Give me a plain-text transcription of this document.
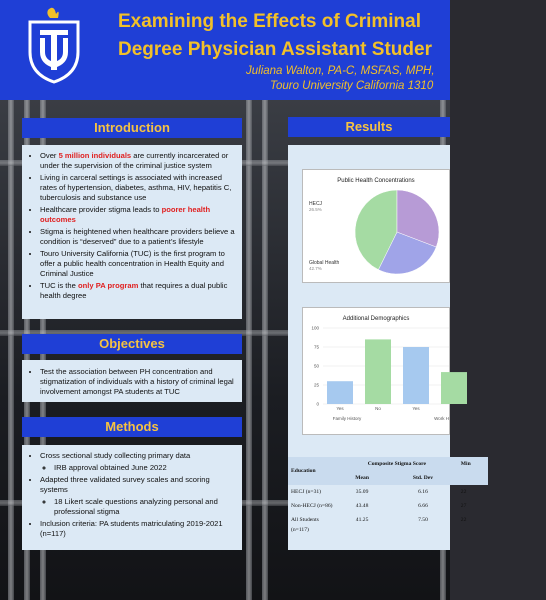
Examining the Effects of Criminal
Degree Physician Assistant Studer
Juliana Walton, PA-C, MSFAS, MPH,
Touro University California 1310
Introduction
• Over 5 million individuals are currently incarcerated or under the supervision of the criminal justice system
• Living in carceral settings is associated with increased rates of hypertension, diabetes, asthma, HIV, hepatitis C, tuberculosis and substance use
• Healthcare provider stigma leads to poorer health outcomes
• Stigma is heightened when healthcare providers believe a condition is “deserved” due to a patient’s lifestyle
• Touro University California (TUC) is the first program to offer a public health concentration in Health Equity and Criminal Justice
• TUC is the only PA program that requires a dual public health degree
Objectives
• Test the association between PH concentration and stigmatization of individuals with a history of criminal legal involvement amongst PA students at TUC
Methods
• Cross sectional study collecting primary data
◦ IRB approval obtained June 2022
• Adapted three validated survey scales and scoring systems
◦ 18 Likert scale questions analyzing personal and professional stigma
• Inclusion criteria: PA students matriculating 2019-2021 (n=117)
Results
Public Health Concentrations
HECJ
26.5%
Global Health
42.7%
Additional Demographics
0
25
50
75
100
Yes	No	Yes
Family History	Work H
Education	Composite Stigma Score		Min
	Mean	Std. Dev	
HECJ (n=31)	35.09	6.16	22
Non-HECJ (n=86)	43.48	6.66	27
All Students (n=117)	41.25	7.50	22
